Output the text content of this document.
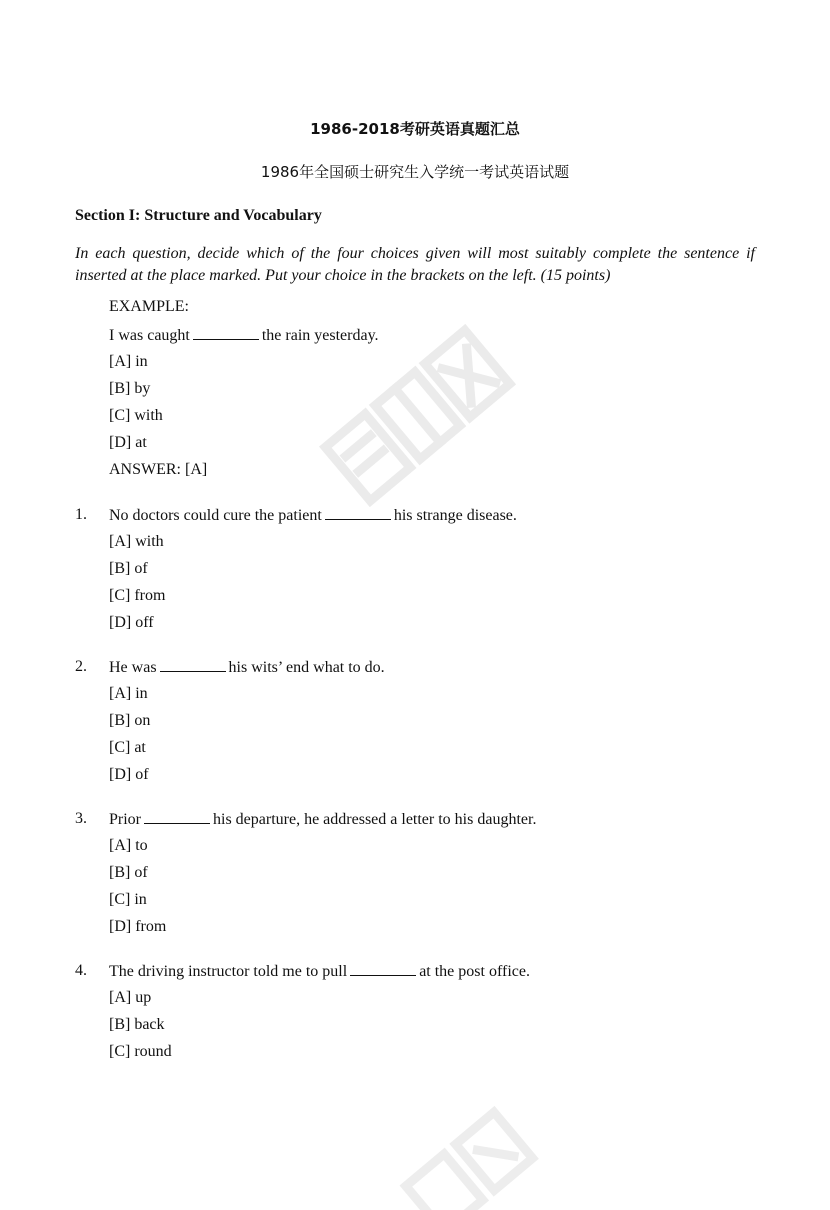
1986-2018考研英语真题汇总
1986年全国硕士研究生入学统一考试英语试题
Section I: Structure and Vocabulary
In each question, decide which of the four choices given will most suitably complete the sentence if inserted at the place marked. Put your choice in the brackets on the left. (15 points)
EXAMPLE:
I was caught	the rain yesterday.
[A] in
[B] by
[C] with
[D] at
ANSWER: [A]
1. No doctors could cure the patient	his strange disease.
[A] with
[B] of
[C] from
[D] off
2. He was	his wits’ end what to do.
[A] in
[B] on
[C] at
[D] of
3. Prior	his departure, he addressed a letter to his daughter.
[A] to
[B] of
[C] in
[D] from
4. The driving instructor told me to pull	at the post office.
[A] up
[B] back
[C] round
